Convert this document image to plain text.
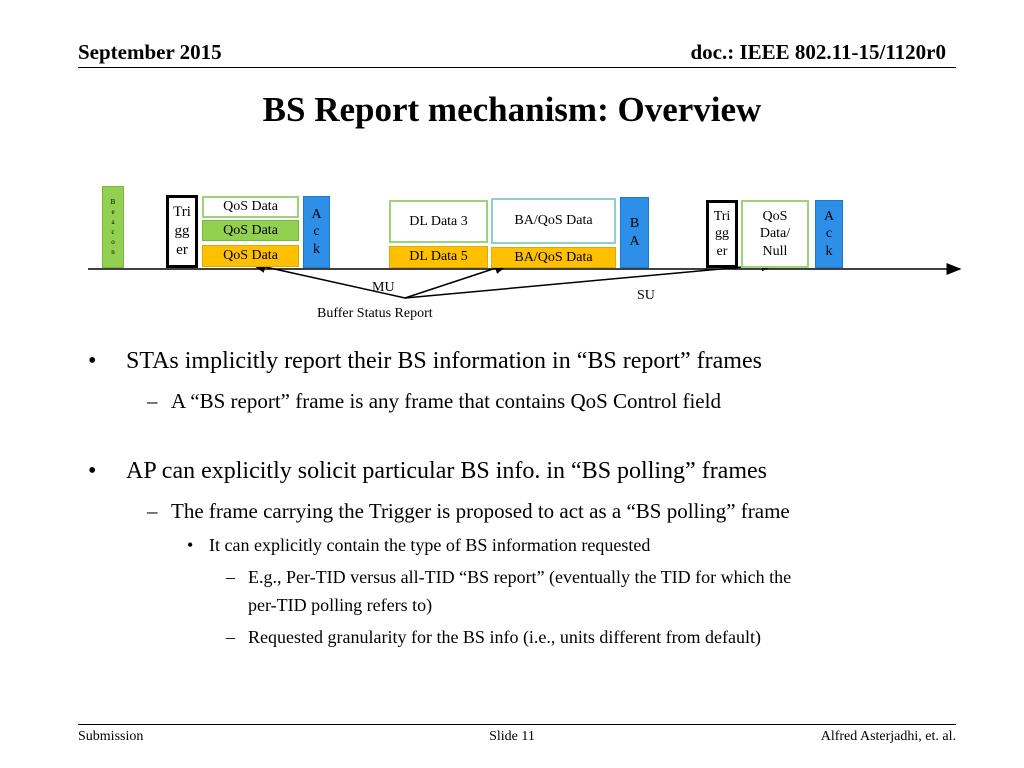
September 2015	doc.: IEEE 802.11-15/1120r0
BS Report mechanism: Overview
B
e
a
c
o
n
Tri
gg
er
QoS Data
QoS Data
QoS Data
A
c
k
DL Data 3
DL Data 5
BA/QoS Data
BA/QoS Data
B
A
Tri
gg
er
QoS
Data/
Null
A
c
k
MU
SU
Buffer Status Report
• STAs implicitly report their BS information in “BS report” frames
– A “BS report” frame is any frame that contains QoS Control field
• AP can explicitly solicit particular BS info. in “BS polling” frames
– The frame carrying the Trigger is proposed to act as a “BS polling” frame
• It can explicitly contain the type of BS information requested
– E.g., Per-TID versus all-TID “BS report” (eventually the TID for which the
per-TID polling refers to)
– Requested granularity for the BS info (i.e., units different from default)
Submission	Slide 11	Alfred Asterjadhi, et. al.
